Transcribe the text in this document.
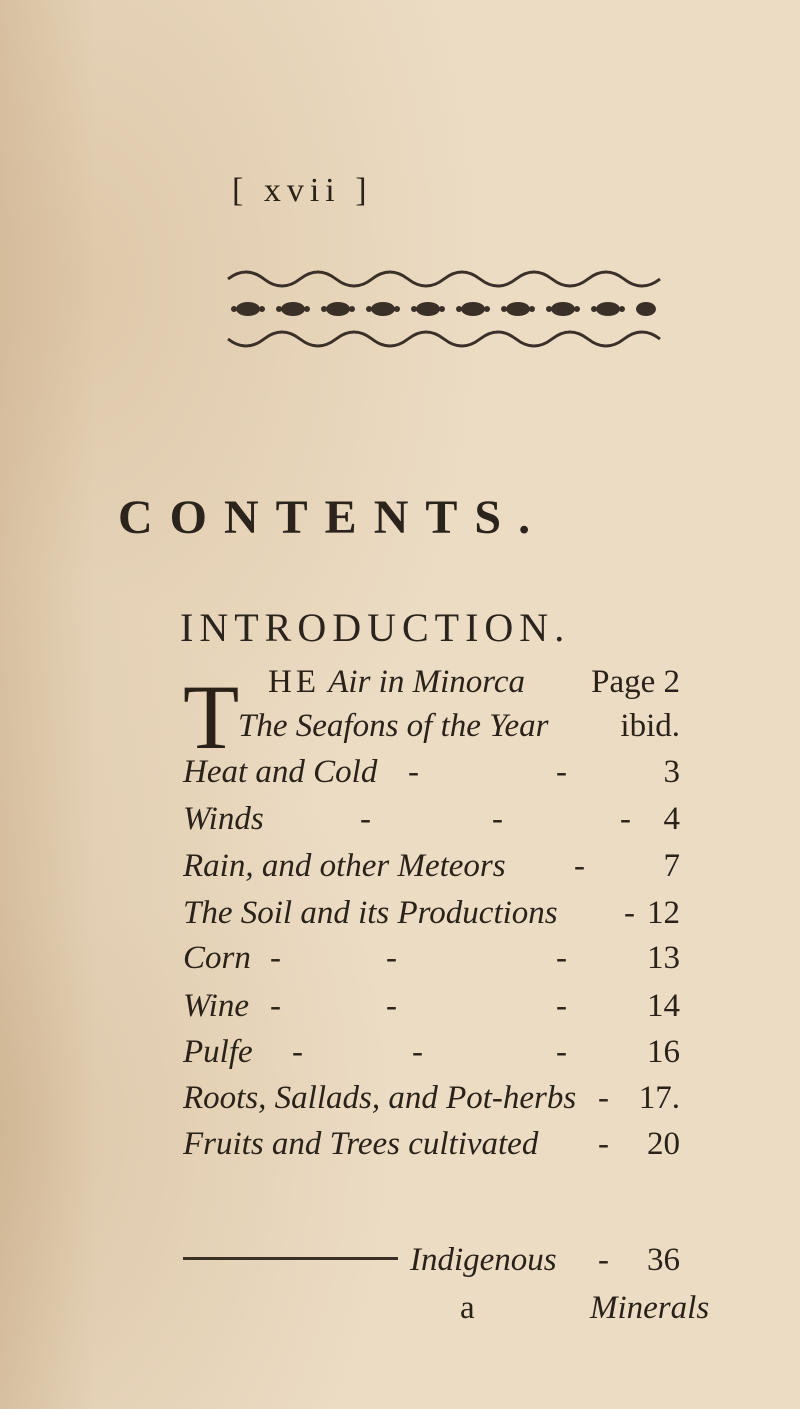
[ xvii ]
CONTENTS.
INTRODUCTION.
T HE Air in Minorca	Page 2
The Seafons of the Year	ibid.
Heat and Cold -	-	3
Winds	-	-	- 4
Rain, and other Meteors -	7
The Soil and its Productions - 12
Corn -	-	-	13
Wine -	-	-	14
Pulfe -	-	-	16
Roots, Sallads, and Pot-herbs - 17.
Fruits and Trees cultivated -	20
Indigenous -	36
a	Minerals
